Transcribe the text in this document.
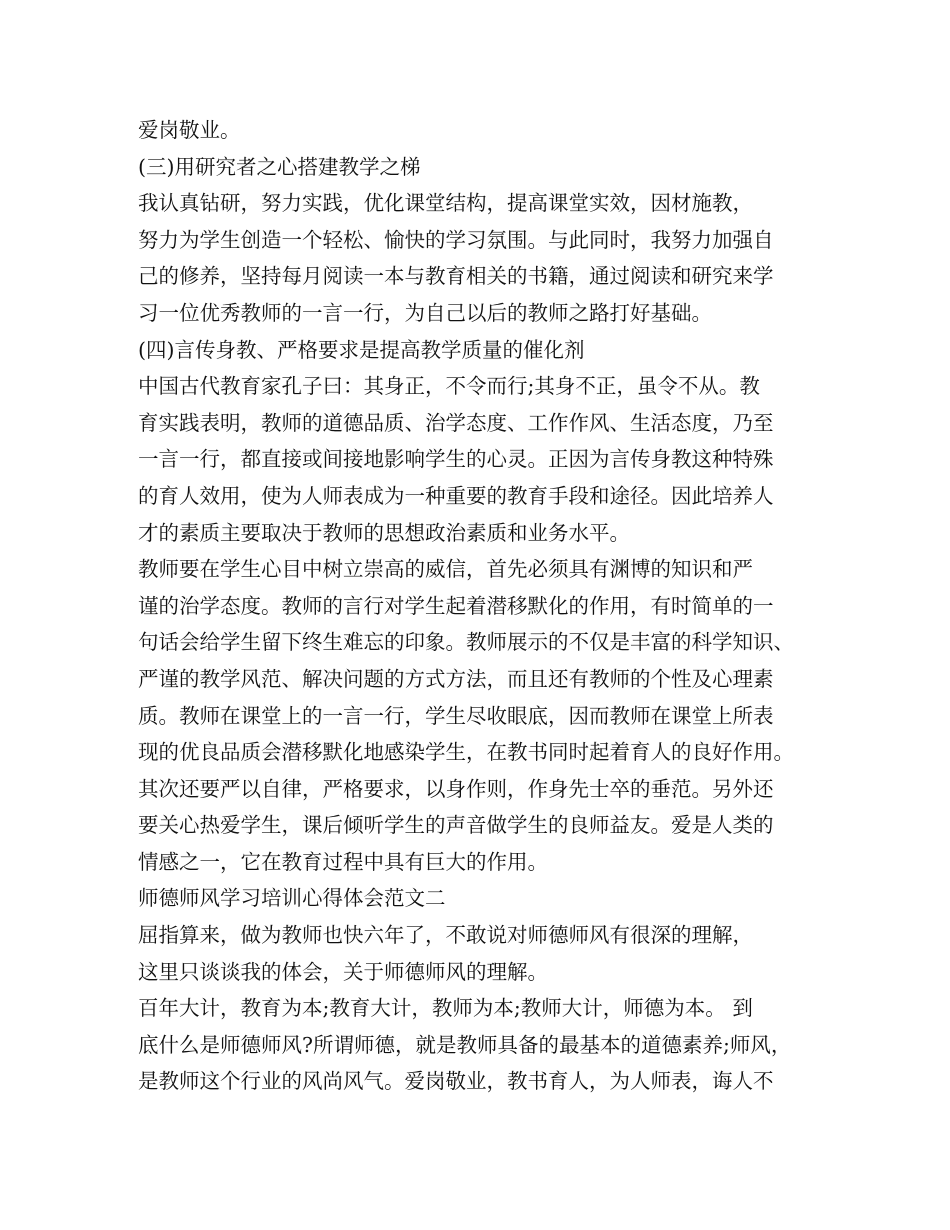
爱岗敬业。
(三)用研究者之心搭建教学之梯
我认真钻研，努力实践，优化课堂结构，提高课堂实效，因材施教，
努力为学生创造一个轻松、愉快的学习氛围。与此同时，我努力加强自
己的修养，坚持每月阅读一本与教育相关的书籍，通过阅读和研究来学
习一位优秀教师的一言一行，为自己以后的教师之路打好基础。
(四)言传身教、严格要求是提高教学质量的催化剂
中国古代教育家孔子曰：其身正，不令而行;其身不正，虽令不从。教
育实践表明，教师的道德品质、治学态度、工作作风、生活态度，乃至
一言一行，都直接或间接地影响学生的心灵。正因为言传身教这种特殊
的育人效用，使为人师表成为一种重要的教育手段和途径。因此培养人
才的素质主要取决于教师的思想政治素质和业务水平。
教师要在学生心目中树立崇高的威信，首先必须具有渊博的知识和严
谨的治学态度。教师的言行对学生起着潜移默化的作用，有时简单的一
句话会给学生留下终生难忘的印象。教师展示的不仅是丰富的科学知识、
严谨的教学风范、解决问题的方式方法，而且还有教师的个性及心理素
质。教师在课堂上的一言一行，学生尽收眼底，因而教师在课堂上所表
现的优良品质会潜移默化地感染学生，在教书同时起着育人的良好作用。
其次还要严以自律，严格要求，以身作则，作身先士卒的垂范。另外还
要关心热爱学生，课后倾听学生的声音做学生的良师益友。爱是人类的
情感之一，它在教育过程中具有巨大的作用。
师德师风学习培训心得体会范文二
屈指算来，做为教师也快六年了，不敢说对师德师风有很深的理解，
这里只谈谈我的体会，关于师德师风的理解。
百年大计，教育为本;教育大计，教师为本;教师大计，师德为本。 到
底什么是师德师风?所谓师德，就是教师具备的最基本的道德素养;师风，
是教师这个行业的风尚风气。爱岗敬业，教书育人，为人师表，诲人不
